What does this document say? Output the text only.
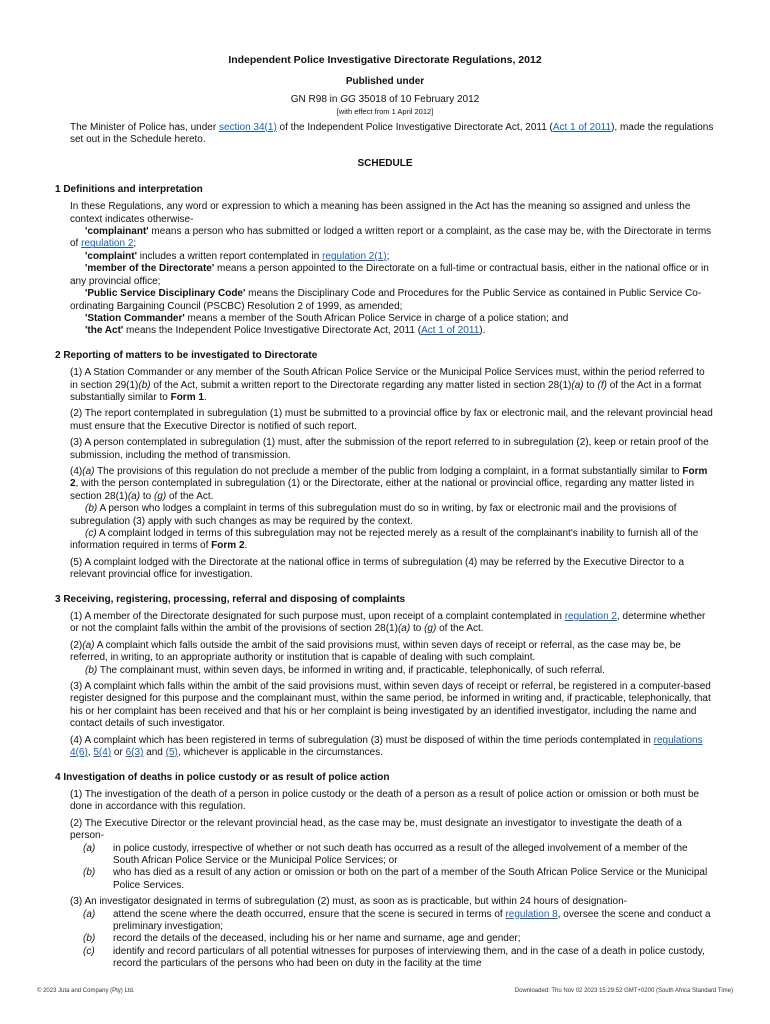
Independent Police Investigative Directorate Regulations, 2012
Published under
GN R98 in GG 35018 of 10 February 2012
[with effect from 1 April 2012]

The Minister of Police has, under section 34(1) of the Independent Police Investigative Directorate Act, 2011 (Act 1 of 2011), made the regulations set out in the Schedule hereto.

SCHEDULE
1 Definitions and interpretation

In these Regulations, any word or expression to which a meaning has been assigned in the Act has the meaning so assigned and unless the context indicates otherwise-

'complainant' means a person who has submitted or lodged a written report or a complaint, as the case may be, with the Directorate in terms of regulation 2;

'complaint' includes a written report contemplated in regulation 2(1);

'member of the Directorate' means a person appointed to the Directorate on a full-time or contractual basis, either in the national office or in any provincial office;

'Public Service Disciplinary Code' means the Disciplinary Code and Procedures for the Public Service as contained in Public Service Co-ordinating Bargaining Council (PSCBC) Resolution 2 of 1999, as amended;

'Station Commander' means a member of the South African Police Service in charge of a police station; and

'the Act' means the Independent Police Investigative Directorate Act, 2011 (Act 1 of 2011).

2 Reporting of matters to be investigated to Directorate

(1) A Station Commander or any member of the South African Police Service or the Municipal Police Services must, within the period referred to in section 29(1)(b) of the Act, submit a written report to the Directorate regarding any matter listed in section 28(1)(a) to (f) of the Act in a format substantially similar to Form 1.

(2) The report contemplated in subregulation (1) must be submitted to a provincial office by fax or electronic mail, and the relevant provincial head must ensure that the Executive Director is notified of such report.

(3) A person contemplated in subregulation (1) must, after the submission of the report referred to in subregulation (2), keep or retain proof of the submission, including the method of transmission.

(4)(a) The provisions of this regulation do not preclude a member of the public from lodging a complaint, in a format substantially similar to Form 2, with the person contemplated in subregulation (1) or the Directorate, either at the national or provincial office, regarding any matter listed in section 28(1)(a) to (g) of the Act.

(b) A person who lodges a complaint in terms of this subregulation must do so in writing, by fax or electronic mail and the provisions of subregulation (3) apply with such changes as may be required by the context.

(c) A complaint lodged in terms of this subregulation may not be rejected merely as a result of the complainant's inability to furnish all of the information required in terms of Form 2.

(5) A complaint lodged with the Directorate at the national office in terms of subregulation (4) may be referred by the Executive Director to a relevant provincial office for investigation.

3 Receiving, registering, processing, referral and disposing of complaints

(1) A member of the Directorate designated for such purpose must, upon receipt of a complaint contemplated in regulation 2, determine whether or not the complaint falls within the ambit of the provisions of section 28(1)(a) to (g) of the Act.

(2)(a) A complaint which falls outside the ambit of the said provisions must, within seven days of receipt or referral, as the case may be, be referred, in writing, to an appropriate authority or institution that is capable of dealing with such complaint.

(b) The complainant must, within seven days, be informed in writing and, if practicable, telephonically, of such referral.

(3) A complaint which falls within the ambit of the said provisions must, within seven days of receipt or referral, be registered in a computer-based register designed for this purpose and the complainant must, within the same period, be informed in writing and, if practicable, telephonically, that his or her complaint has been received and that his or her complaint is being investigated by an identified investigator, including the name and contact details of such investigator.

(4) A complaint which has been registered in terms of subregulation (3) must be disposed of within the time periods contemplated in regulations 4(6), 5(4) or 6(3) and (5), whichever is applicable in the circumstances.

4 Investigation of deaths in police custody or as result of police action

(1) The investigation of the death of a person in police custody or the death of a person as a result of police action or omission or both must be done in accordance with this regulation.

(2) The Executive Director or the relevant provincial head, as the case may be, must designate an investigator to investigate the death of a person-

(a)	in police custody, irrespective of whether or not such death has occurred as a result of the alleged involvement of a member of the South African Police Service or the Municipal Police Services; or
(b)	who has died as a result of any action or omission or both on the part of a member of the South African Police Service or the Municipal Police Services.

(3) An investigator designated in terms of subregulation (2) must, as soon as is practicable, but within 24 hours of designation-

(a)	attend the scene where the death occurred, ensure that the scene is secured in terms of regulation 8, oversee the scene and conduct a preliminary investigation;
(b)	record the details of the deceased, including his or her name and surname, age and gender;
(c)	identify and record particulars of all potential witnesses for purposes of interviewing them, and in the case of a death in police custody, record the particulars of the persons who had been on duty in the facility at the time
© 2023 Juta and Company (Pty) Ltd.	Downloaded: Thu Nov 02 2023 15:29:52 GMT+0200 (South Africa Standard Time)
